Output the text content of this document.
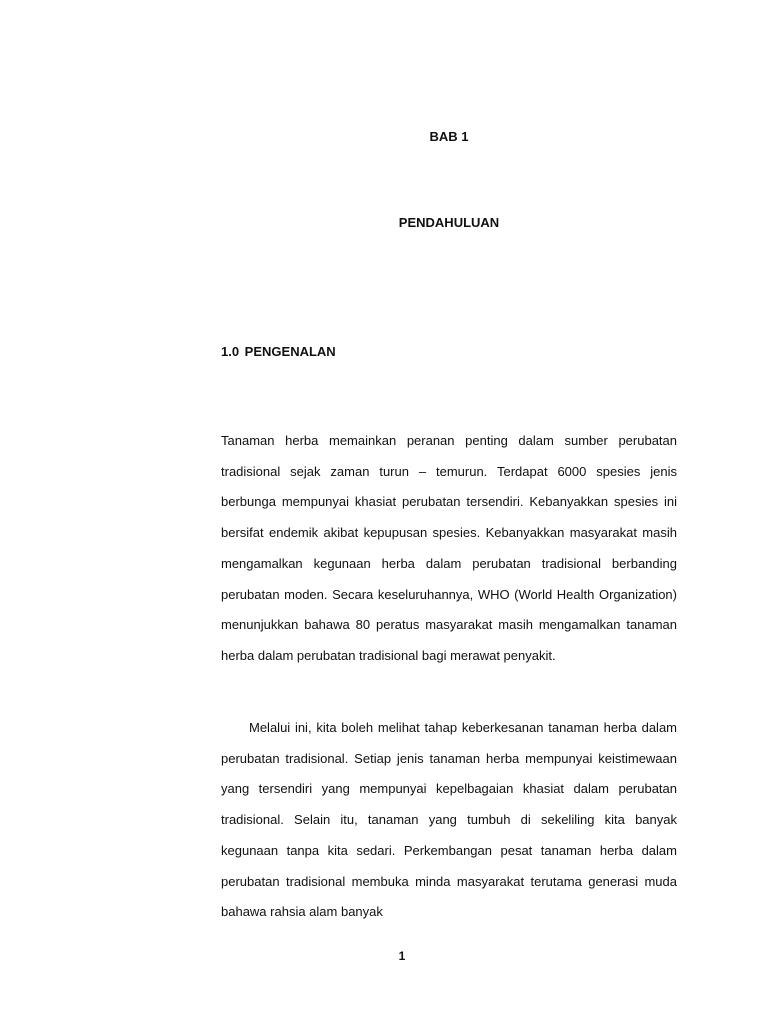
BAB 1
PENDAHULUAN
1.0 PENGENALAN

Tanaman herba memainkan peranan penting dalam sumber perubatan tradisional sejak zaman turun – temurun. Terdapat 6000 spesies jenis berbunga mempunyai khasiat perubatan tersendiri. Kebanyakkan spesies ini bersifat endemik akibat kepupusan spesies. Kebanyakkan masyarakat masih mengamalkan kegunaan herba dalam perubatan tradisional berbanding perubatan moden. Secara keseluruhannya, WHO (World Health Organization) menunjukkan bahawa 80 peratus masyarakat masih mengamalkan tanaman herba dalam perubatan tradisional bagi merawat penyakit.

Melalui ini, kita boleh melihat tahap keberkesanan tanaman herba dalam perubatan tradisional. Setiap jenis tanaman herba mempunyai keistimewaan yang tersendiri yang mempunyai kepelbagaian khasiat dalam perubatan tradisional. Selain itu, tanaman yang tumbuh di sekeliling kita banyak kegunaan tanpa kita sedari. Perkembangan pesat tanaman herba dalam perubatan tradisional membuka minda masyarakat terutama generasi muda bahawa rahsia alam banyak

1
